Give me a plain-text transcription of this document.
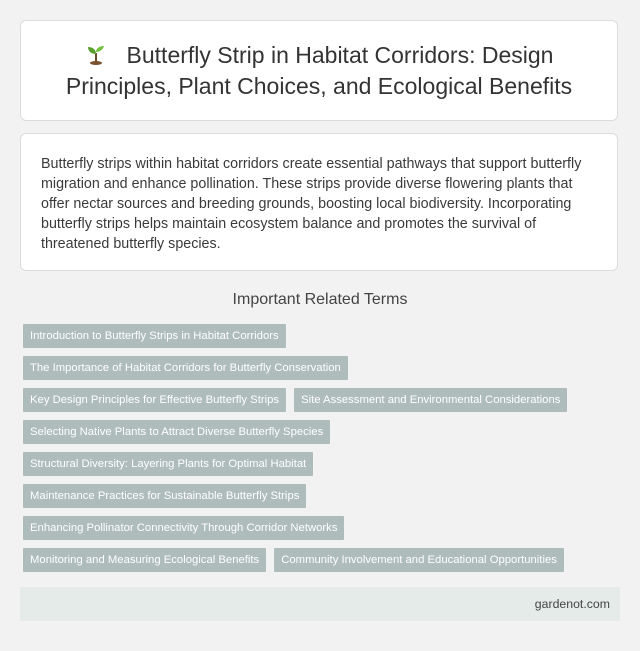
Butterfly Strip in Habitat Corridors: Design Principles, Plant Choices, and Ecological Benefits

Butterfly strips within habitat corridors create essential pathways that support butterfly migration and enhance pollination. These strips provide diverse flowering plants that offer nectar sources and breeding grounds, boosting local biodiversity. Incorporating butterfly strips helps maintain ecosystem balance and promotes the survival of threatened butterfly species.

Important Related Terms
Introduction to Butterfly Strips in Habitat Corridors
The Importance of Habitat Corridors for Butterfly Conservation
Key Design Principles for Effective Butterfly Strips	Site Assessment and Environmental Considerations
Selecting Native Plants to Attract Diverse Butterfly Species
Structural Diversity: Layering Plants for Optimal Habitat
Maintenance Practices for Sustainable Butterfly Strips
Enhancing Pollinator Connectivity Through Corridor Networks
Monitoring and Measuring Ecological Benefits	Community Involvement and Educational Opportunities
gardenot.com
